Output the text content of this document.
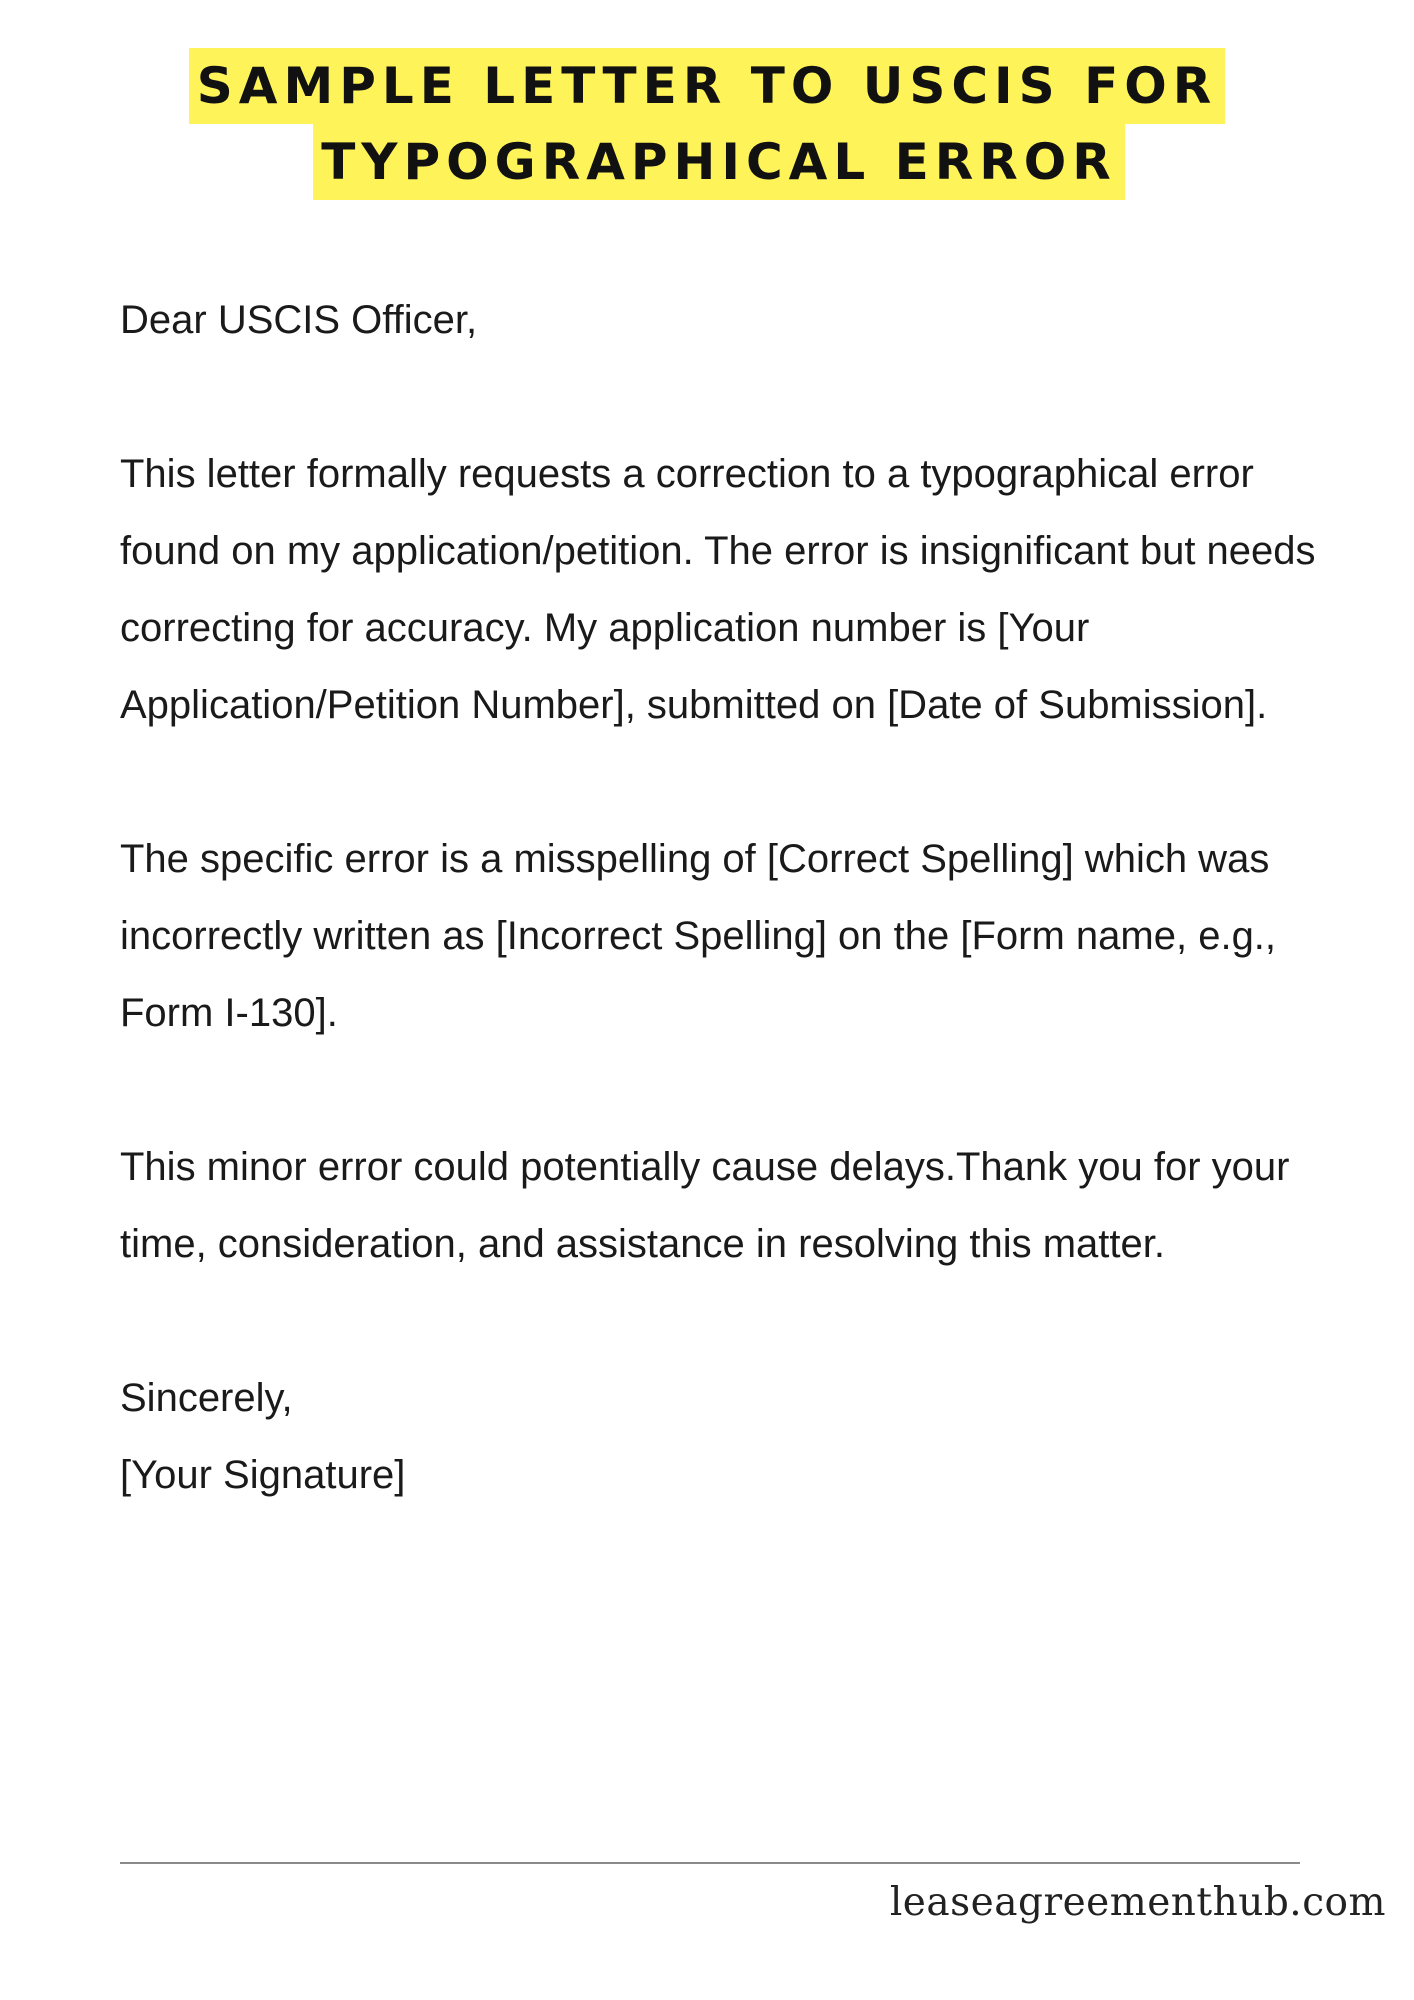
SAMPLE LETTER TO USCIS FOR
TYPOGRAPHICAL ERROR

Dear USCIS Officer,

This letter formally requests a correction to a typographical error found on my application/petition. The error is insignificant but needs correcting for accuracy. My application number is [Your Application/Petition Number], submitted on [Date of Submission].

The specific error is a misspelling of [Correct Spelling] which was incorrectly written as [Incorrect Spelling] on the [Form name, e.g., Form I-130].

This minor error could potentially cause delays.Thank you for your time, consideration, and assistance in resolving this matter.

Sincerely,

[Your Signature]

leaseagreementhub.com
